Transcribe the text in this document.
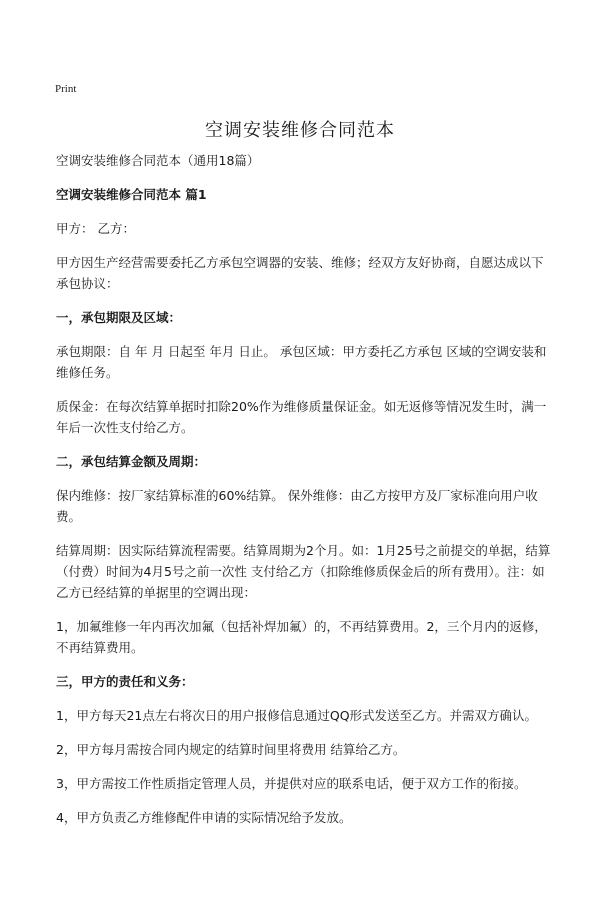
Print
空调安装维修合同范本

空调安装维修合同范本（通用18篇）

空调安装维修合同范本 篇1

甲方： 乙方：

甲方因生产经营需要委托乙方承包空调器的安装、维修；经双方友好协商，自愿达成以下承包协议：

一，承包期限及区域：

承包期限：自 年 月 日起至 年月 日止。 承包区域：甲方委托乙方承包 区域的空调安装和维修任务。

质保金：在每次结算单据时扣除20%作为维修质量保证金。如无返修等情况发生时，满一年后一次性支付给乙方。

二，承包结算金额及周期：

保内维修：按厂家结算标准的60%结算。 保外维修：由乙方按甲方及厂家标准向用户收费。

结算周期：因实际结算流程需要。结算周期为2个月。如：1月25号之前提交的单据，结算（付费）时间为4月5号之前一次性 支付给乙方（扣除维修质保金后的所有费用）。注：如乙方已经结算的单据里的空调出现：

1，加氟维修一年内再次加氟（包括补焊加氟）的，不再结算费用。2，三个月内的返修，不再结算费用。

三，甲方的责任和义务：

1，甲方每天21点左右将次日的用户报修信息通过QQ形式发送至乙方。并需双方确认。

2，甲方每月需按合同内规定的结算时间里将费用 结算给乙方。

3，甲方需按工作性质指定管理人员，并提供对应的联系电话，便于双方工作的衔接。

4，甲方负责乙方维修配件申请的实际情况给予发放。
